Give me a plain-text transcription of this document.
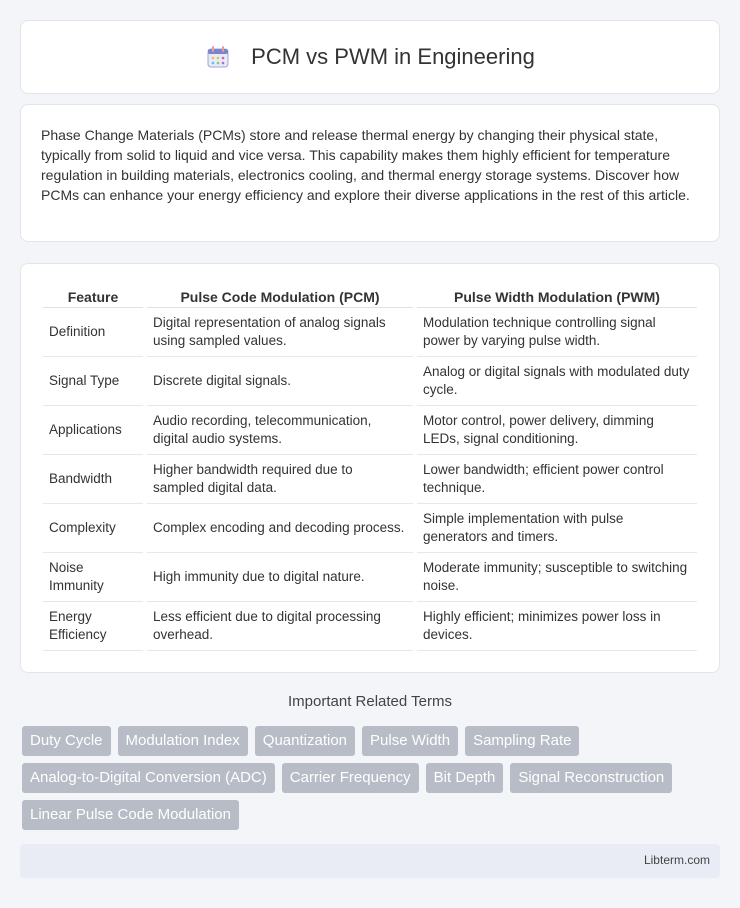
PCM vs PWM in Engineering

Phase Change Materials (PCMs) store and release thermal energy by changing their physical state, typically from solid to liquid and vice versa. This capability makes them highly efficient for temperature regulation in building materials, electronics cooling, and thermal energy storage systems. Discover how PCMs can enhance your energy efficiency and explore their diverse applications in the rest of this article.

Feature	Pulse Code Modulation (PCM)	Pulse Width Modulation (PWM)
Definition	Digital representation of analog signals using sampled values.	Modulation technique controlling signal power by varying pulse width.
Signal Type	Discrete digital signals.	Analog or digital signals with modulated duty cycle.
Applications	Audio recording, telecommunication, digital audio systems.	Motor control, power delivery, dimming LEDs, signal conditioning.
Bandwidth	Higher bandwidth required due to sampled digital data.	Lower bandwidth; efficient power control technique.
Complexity	Complex encoding and decoding process.	Simple implementation with pulse generators and timers.
Noise Immunity	High immunity due to digital nature.	Moderate immunity; susceptible to switching noise.
Energy Efficiency	Less efficient due to digital processing overhead.	Highly efficient; minimizes power loss in devices.
Important Related Terms
Duty Cycle	Modulation Index	Quantization	Pulse Width	Sampling Rate
Analog-to-Digital Conversion (ADC)	Carrier Frequency	Bit Depth	Signal Reconstruction
Linear Pulse Code Modulation
Libterm.com
